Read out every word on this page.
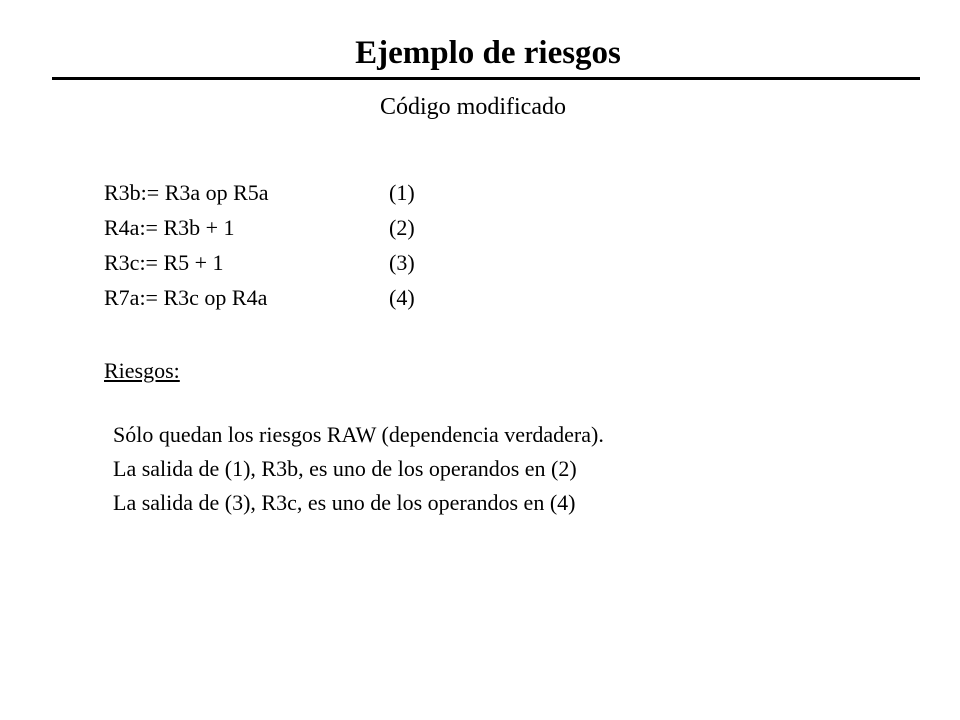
Ejemplo de riesgos
Código modificado
R3b:= R3a op R5a	(1)
R4a:= R3b + 1	(2)
R3c:= R5 + 1	(3)
R7a:= R3c op R4a	(4)
Riesgos:
Sólo quedan los riesgos RAW (dependencia verdadera).
La salida de (1), R3b, es uno de los operandos en (2)
La salida de (3), R3c, es uno de los operandos en (4)
